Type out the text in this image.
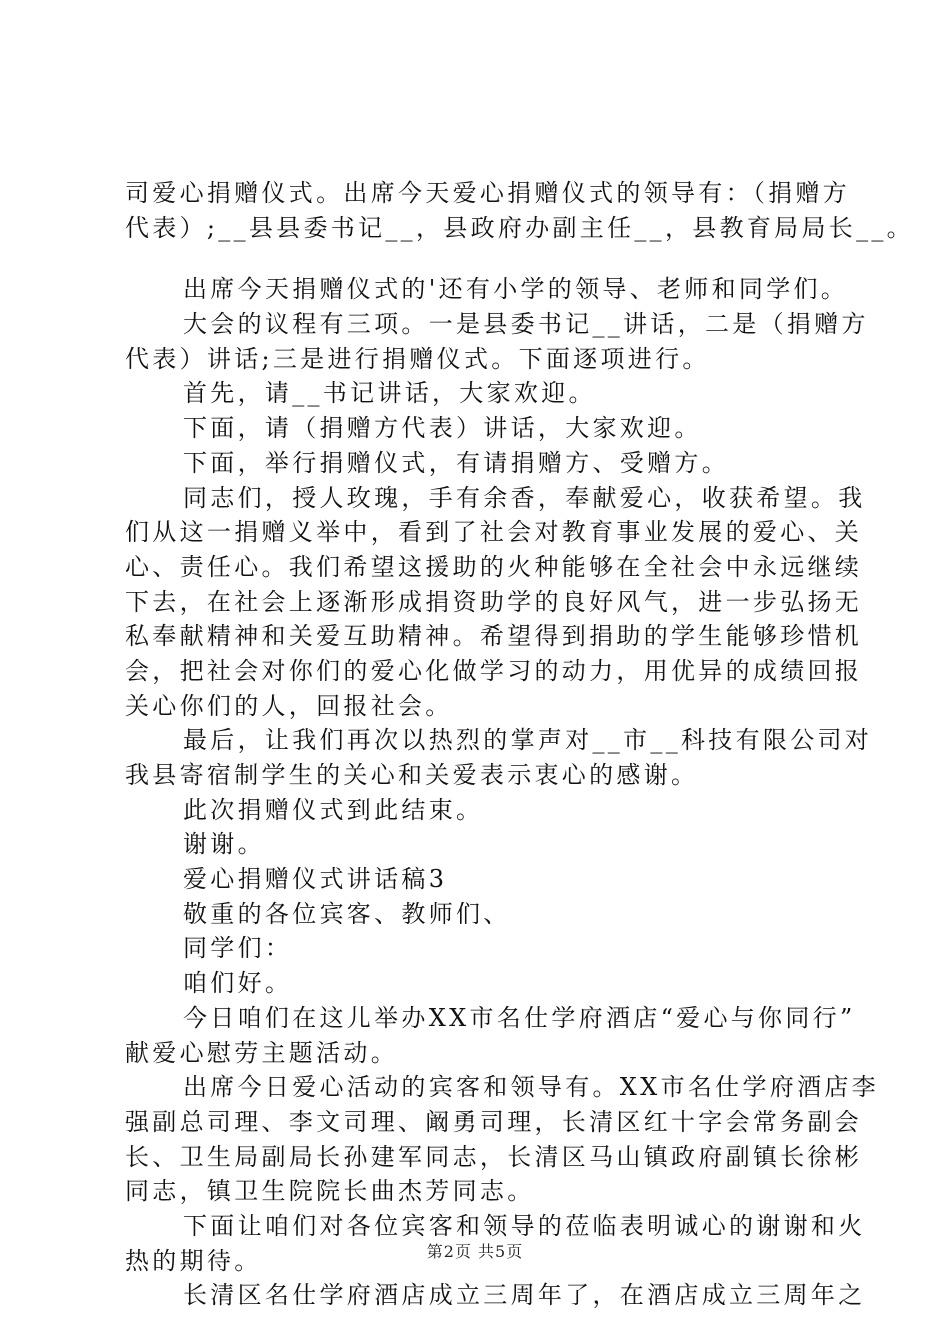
司爱心捐赠仪式。出席今天爱心捐赠仪式的领导有：（捐赠方
代表）;__县县委书记__，县政府办副主任__，县教育局局长__。
出席今天捐赠仪式的'还有小学的领导、老师和同学们。
大会的议程有三项。一是县委书记__讲话，二是（捐赠方
代表）讲话;三是进行捐赠仪式。下面逐项进行。
首先，请__书记讲话，大家欢迎。
下面，请（捐赠方代表）讲话，大家欢迎。
下面，举行捐赠仪式，有请捐赠方、受赠方。
同志们，授人玫瑰，手有余香，奉献爱心，收获希望。我
们从这一捐赠义举中，看到了社会对教育事业发展的爱心、关
心、责任心。我们希望这援助的火种能够在全社会中永远继续
下去，在社会上逐渐形成捐资助学的良好风气，进一步弘扬无
私奉献精神和关爱互助精神。希望得到捐助的学生能够珍惜机
会，把社会对你们的爱心化做学习的动力，用优异的成绩回报
关心你们的人，回报社会。
最后，让我们再次以热烈的掌声对__市__科技有限公司对
我县寄宿制学生的关心和关爱表示衷心的感谢。
此次捐赠仪式到此结束。
谢谢。
爱心捐赠仪式讲话稿3
敬重的各位宾客、教师们、
同学们：
咱们好。
今日咱们在这儿举办XX市名仕学府酒店“爱心与你同行”
献爱心慰劳主题活动。
出席今日爱心活动的宾客和领导有。XX市名仕学府酒店李
强副总司理、李文司理、阚勇司理，长清区红十字会常务副会
长、卫生局副局长孙建军同志，长清区马山镇政府副镇长徐彬
同志，镇卫生院院长曲杰芳同志。
下面让咱们对各位宾客和领导的莅临表明诚心的谢谢和火
热的期待。
长清区名仕学府酒店成立三周年了，在酒店成立三周年之
第2页 共5页
